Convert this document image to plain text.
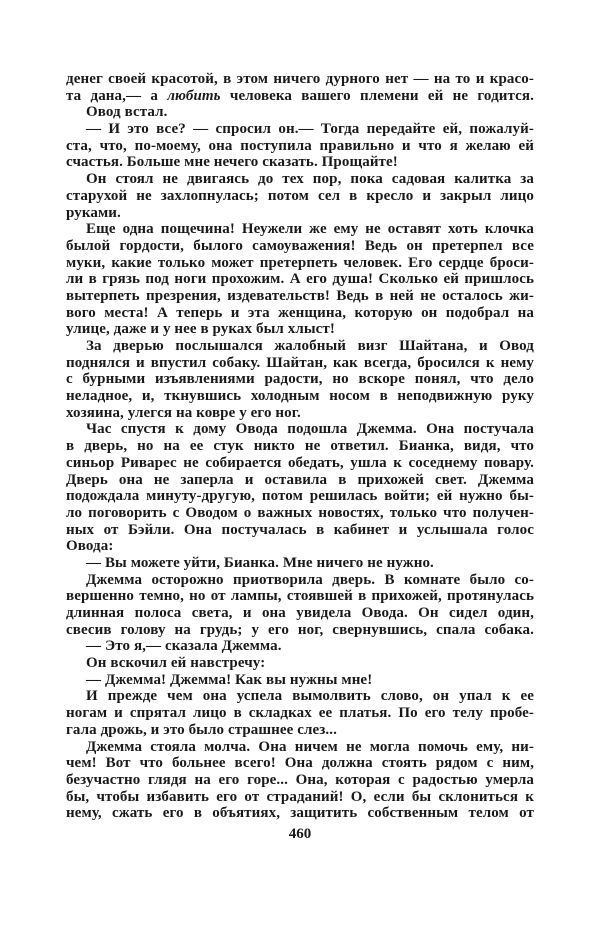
денег своей красотой, в этом ничего дурного нет — на то и красо-
та дана,— а любить человека вашего племени ей не годится.
Овод встал.
— И это все? — спросил он.— Тогда передайте ей, пожалуй-
ста, что, по-моему, она поступила правильно и что я желаю ей
счастья. Больше мне нечего сказать. Прощайте!
Он стоял не двигаясь до тех пор, пока садовая калитка за
старухой не захлопнулась; потом сел в кресло и закрыл лицо
руками.
Еще одна пощечина! Неужели же ему не оставят хоть клочка
былой гордости, былого самоуважения! Ведь он претерпел все
муки, какие только может претерпеть человек. Его сердце броси-
ли в грязь под ноги прохожим. А его душа! Сколько ей пришлось
вытерпеть презрения, издевательств! Ведь в ней не осталось жи-
вого места! А теперь и эта женщина, которую он подобрал на
улице, даже и у нее в руках был хлыст!
За дверью послышался жалобный визг Шайтана, и Овод
поднялся и впустил собаку. Шайтан, как всегда, бросился к нему
с бурными изъявлениями радости, но вскоре понял, что дело
неладное, и, ткнувшись холодным носом в неподвижную руку
хозяина, улегся на ковре у его ног.
Час спустя к дому Овода подошла Джемма. Она постучала
в дверь, но на ее стук никто не ответил. Бианка, видя, что
синьор Риварес не собирается обедать, ушла к соседнему повару.
Дверь она не заперла и оставила в прихожей свет. Джемма
подождала минуту-другую, потом решилась войти; ей нужно бы-
ло поговорить с Оводом о важных новостях, только что получен-
ных от Бэйли. Она постучалась в кабинет и услышала голос
Овода:
— Вы можете уйти, Бианка. Мне ничего не нужно.
Джемма осторожно приотворила дверь. В комнате было со-
вершенно темно, но от лампы, стоявшей в прихожей, протянулась
длинная полоса света, и она увидела Овода. Он сидел один,
свесив голову на грудь; у его ног, свернувшись, спала собака.
— Это я,— сказала Джемма.
Он вскочил ей навстречу:
— Джемма! Джемма! Как вы нужны мне!
И прежде чем она успела вымолвить слово, он упал к ее
ногам и спрятал лицо в складках ее платья. По его телу пробе-
гала дрожь, и это было страшнее слез...
Джемма стояла молча. Она ничем не могла помочь ему, ни-
чем! Вот что больнее всего! Она должна стоять рядом с ним,
безучастно глядя на его горе... Она, которая с радостью умерла
бы, чтобы избавить его от страданий! О, если бы склониться к
нему, сжать его в объятиях, защитить собственным телом от
460
